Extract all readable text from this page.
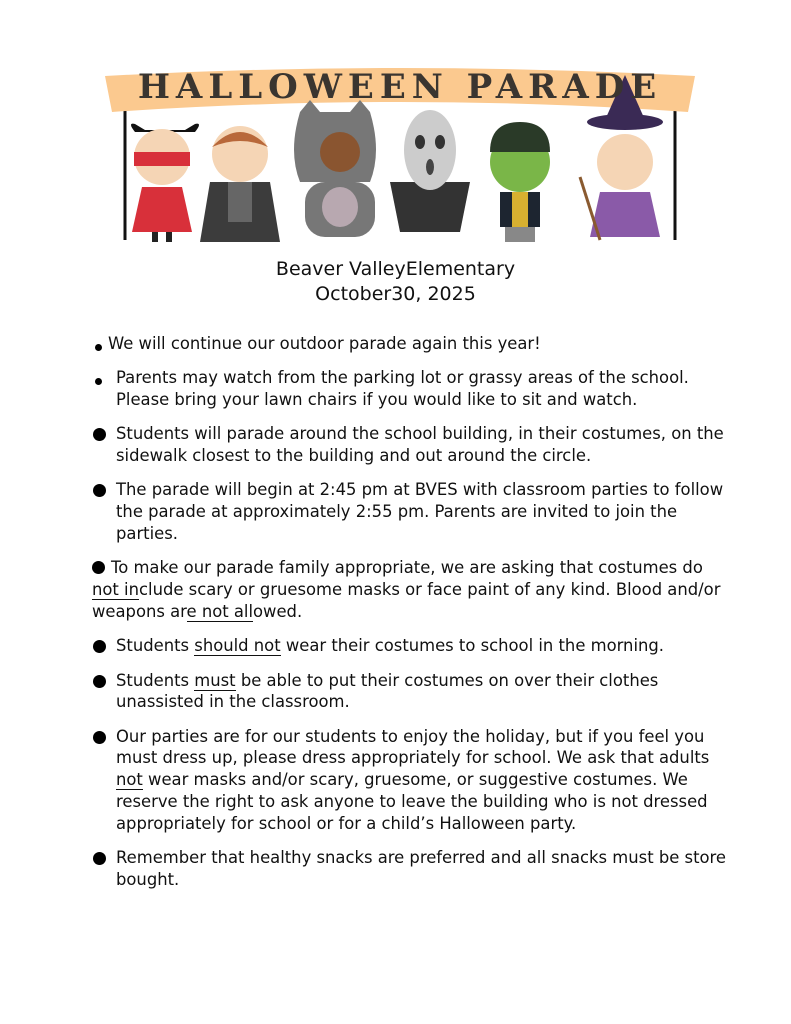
HALLOWEEN PARADE
Beaver ValleyElementary
October30, 2025
We will continue our outdoor parade again this year!
Parents may watch from the parking lot or grassy areas of the school. Please bring your lawn chairs if you would like to sit and watch.
Students will parade around the school building, in their costumes, on the sidewalk closest to the building and out around the circle.
The parade will begin at 2:45 pm at BVES with classroom parties to follow the parade at approximately 2:55 pm. Parents are invited to join the parties.
To make our parade family appropriate, we are asking that costumes do not include scary or gruesome masks or face paint of any kind. Blood and/or weapons are not allowed.
Students should not wear their costumes to school in the morning.
Students must be able to put their costumes on over their clothes unassisted in the classroom.
Our parties are for our students to enjoy the holiday, but if you feel you must dress up, please dress appropriately for school. We ask that adults not wear masks and/or scary, gruesome, or suggestive costumes. We reserve the right to ask anyone to leave the building who is not dressed appropriately for school or for a child’s Halloween party.
Remember that healthy snacks are preferred and all snacks must be store bought.
